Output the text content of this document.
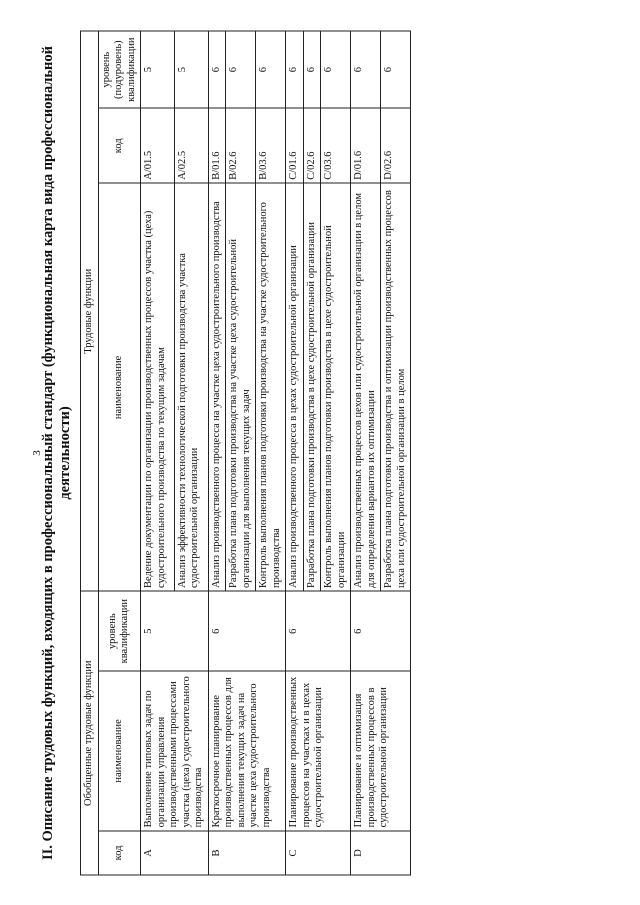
3
II. Описание трудовых функций, входящих в профессиональный стандарт (функциональная карта вида профессиональной деятельности)
Обобщенные трудовые функции			Трудовые функции		
код	наименование	уровень квалификации	наименование	код	уровень (подуровень) квалификации
A	Выполнение типовых задач по организации управления производственными процессами участка (цеха) судостроительного производства	5	Ведение документации по организации производственных процессов участка (цеха) судостроительного производства по текущим задачам	A/01.5	5
			Анализ эффективности технологической подготовки производства участка судостроительной организации	A/02.5	5
B	Краткосрочное планирование производственных процессов для выполнения текущих задач на участке цеха судостроительного производства	6	Анализ производственного процесса на участке цеха судостроительного производства	B/01.6	6
			Разработка плана подготовки производства на участке цеха судостроительной организации для выполнения текущих задач	B/02.6	6
			Контроль выполнения планов подготовки производства на участке судостроительного производства	B/03.6	6
C	Планирование производственных процессов на участках и в цехах судостроительной организации	6	Анализ производственного процесса в цехах судостроительной организации	C/01.6	6
			Разработка плана подготовки производства в цехе судостроительной организации	C/02.6	6
			Контроль выполнения планов подготовки производства в цехе судостроительной организации	C/03.6	6
D	Планирование и оптимизация производственных процессов в судостроительной организации	6	Анализ производственных процессов цехов или судостроительной организации в целом для определения вариантов их оптимизации	D/01.6	6
			Разработка плана подготовки производства и оптимизации производственных процессов цеха или судостроительной организации в целом	D/02.6	6
